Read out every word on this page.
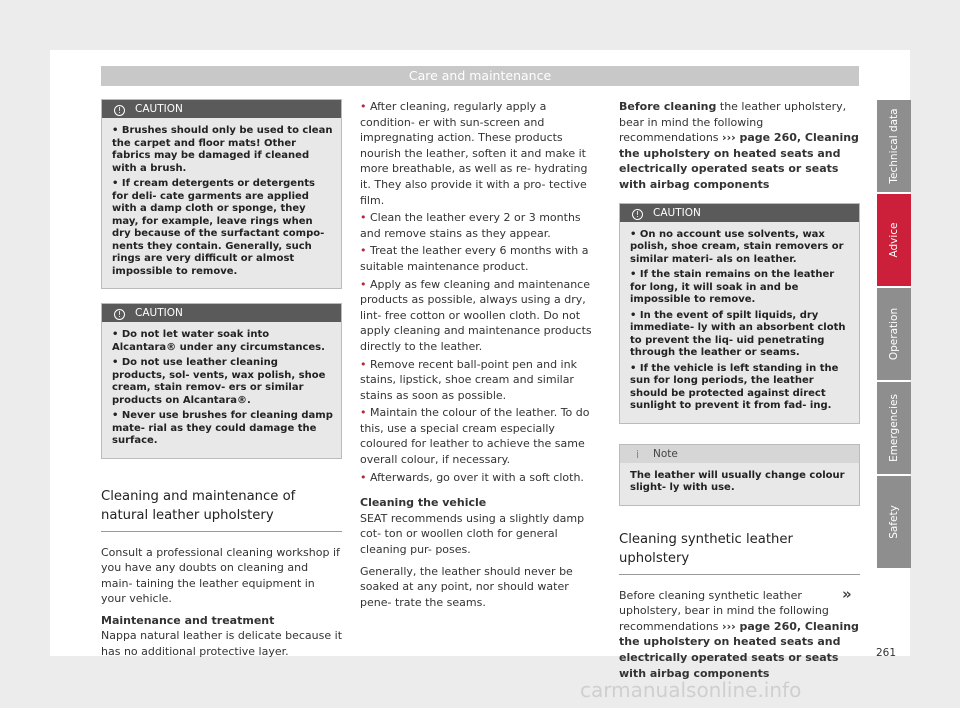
Care and maintenance
! CAUTION

• Brushes should only be used to clean the carpet and floor mats! Other fabrics may be damaged if cleaned with a brush.

• If cream detergents or detergents for deli- cate garments are applied with a damp cloth or sponge, they may, for example, leave rings when dry because of the surfactant compo- nents they contain. Generally, such rings are very difficult or almost impossible to remove.

! CAUTION

• Do not let water soak into Alcantara® under any circumstances.

• Do not use leather cleaning products, sol- vents, wax polish, shoe cream, stain remov- ers or similar products on Alcantara®.

• Never use brushes for cleaning damp mate- rial as they could damage the surface.

Cleaning and maintenance of natural leather upholstery

Consult a professional cleaning workshop if you have any doubts on cleaning and main- taining the leather equipment in your vehicle.

Maintenance and treatment

Nappa natural leather is delicate because it has no additional protective layer.

• After cleaning, regularly apply a condition- er with sun-screen and impregnating action. These products nourish the leather, soften it and make it more breathable, as well as re- hydrating it. They also provide it with a pro- tective film.

• Clean the leather every 2 or 3 months and remove stains as they appear.

• Treat the leather every 6 months with a suitable maintenance product.

• Apply as few cleaning and maintenance products as possible, always using a dry, lint- free cotton or woollen cloth. Do not apply cleaning and maintenance products directly to the leather.

• Remove recent ball-point pen and ink stains, lipstick, shoe cream and similar stains as soon as possible.

• Maintain the colour of the leather. To do this, use a special cream especially coloured for leather to achieve the same overall colour, if necessary.

• Afterwards, go over it with a soft cloth.

Cleaning the vehicle

SEAT recommends using a slightly damp cot- ton or woollen cloth for general cleaning pur- poses.

Generally, the leather should never be soaked at any point, nor should water pene- trate the seams.

Before cleaning the leather upholstery, bear in mind the following recommendations ››› page 260, Cleaning the upholstery on heated seats and electrically operated seats or seats with airbag components

! CAUTION

• On no account use solvents, wax polish, shoe cream, stain removers or similar materi- als on leather.

• If the stain remains on the leather for long, it will soak in and be impossible to remove.

• In the event of spilt liquids, dry immediate- ly with an absorbent cloth to prevent the liq- uid penetrating through the leather or seams.

• If the vehicle is left standing in the sun for long periods, the leather should be protected against direct sunlight to prevent it from fad- ing.

i Note

The leather will usually change colour slight- ly with use.

Cleaning synthetic leather upholstery

Before cleaning synthetic leather upholstery, bear in mind the following recommendations ››› page 260, Cleaning the upholstery on heated seats and electrically operated seats or seats with airbag components

»
Technical data
Advice
Operation
Emergencies
Safety
261
carmanualsonline.info
